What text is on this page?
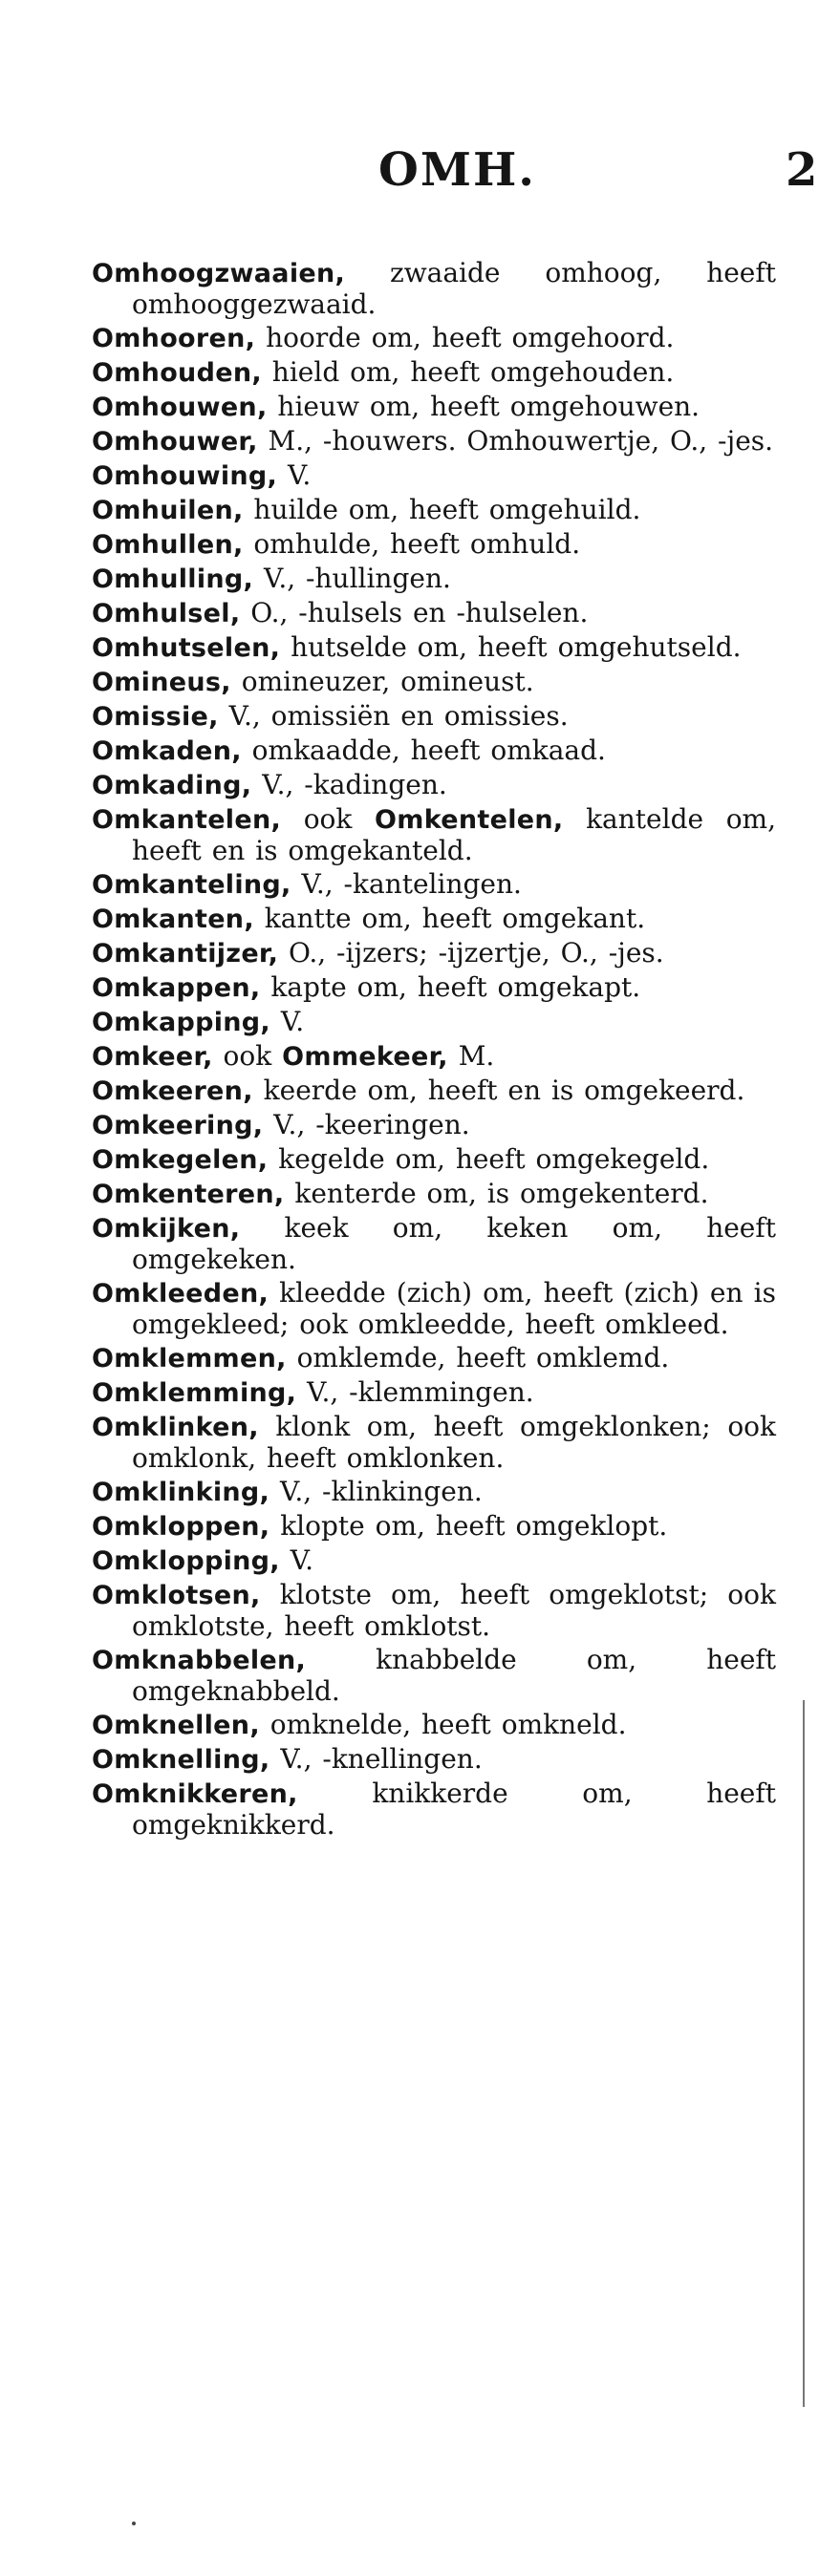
OMH.	2

Omhoogzwaaien, zwaaide omhoog, heeft omhooggezwaaid.

Omhooren, hoorde om, heeft omgehoord.

Omhouden, hield om, heeft omgehouden.

Omhouwen, hieuw om, heeft omgehouwen.

Omhouwer, M., -houwers. Omhouwertje, O., -jes.

Omhouwing, V.

Omhuilen, huilde om, heeft omgehuild.

Omhullen, omhulde, heeft omhuld.

Omhulling, V., -hullingen.

Omhulsel, O., -hulsels en -hulselen.

Omhutselen, hutselde om, heeft omgehutseld.

Omineus, omineuzer, omineust.

Omissie, V., omissiën en omissies.

Omkaden, omkaadde, heeft omkaad.

Omkading, V., -kadingen.

Omkantelen, ook Omkentelen, kantelde om, heeft en is omgekanteld.

Omkanteling, V., -kantelingen.

Omkanten, kantte om, heeft omgekant.

Omkantijzer, O., -ijzers; -ijzertje, O., -jes.

Omkappen, kapte om, heeft omgekapt.

Omkapping, V.

Omkeer, ook Ommekeer, M.

Omkeeren, keerde om, heeft en is omgekeerd.

Omkeering, V., -keeringen.

Omkegelen, kegelde om, heeft omgekegeld.

Omkenteren, kenterde om, is omgekenterd.

Omkijken, keek om, keken om, heeft omgekeken.

Omkleeden, kleedde (zich) om, heeft (zich) en is omgekleed; ook omkleedde, heeft omkleed.

Omklemmen, omklemde, heeft omklemd.

Omklemming, V., -klemmingen.

Omklinken, klonk om, heeft omgeklonken; ook omklonk, heeft omklonken.

Omklinking, V., -klinkingen.

Omkloppen, klopte om, heeft omgeklopt.

Omklopping, V.

Omklotsen, klotste om, heeft omgeklotst; ook omklotste, heeft omklotst.

Omknabbelen, knabbelde om, heeft omgeknabbeld.

Omknellen, omknelde, heeft omkneld.

Omknelling, V., -knellingen.

Omknikkeren, knikkerde om, heeft omgeknikkerd.
